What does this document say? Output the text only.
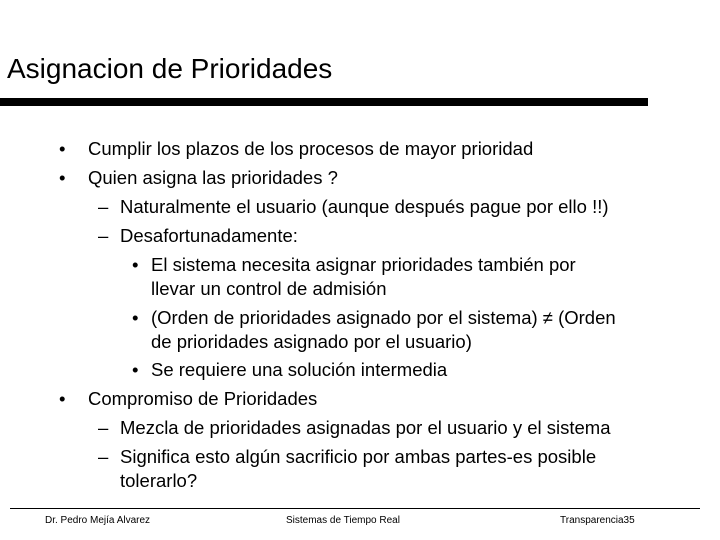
Asignacion de Prioridades
• Cumplir los plazos de los procesos de mayor prioridad
• Quien asigna las prioridades ?
– Naturalmente el usuario (aunque después pague por ello !!)
– Desafortunadamente:
• El sistema necesita asignar prioridades también por
llevar un control de admisión
• (Orden de prioridades asignado por el sistema) ≠ (Orden
de prioridades asignado por el usuario)
• Se requiere una solución intermedia
• Compromiso de Prioridades
– Mezcla de prioridades asignadas por el usuario y el sistema
– Significa esto algún sacrificio por ambas partes-es posible
tolerarlo?
Dr. Pedro Mejía Alvarez	Sistemas de Tiempo Real	Transparencia35
